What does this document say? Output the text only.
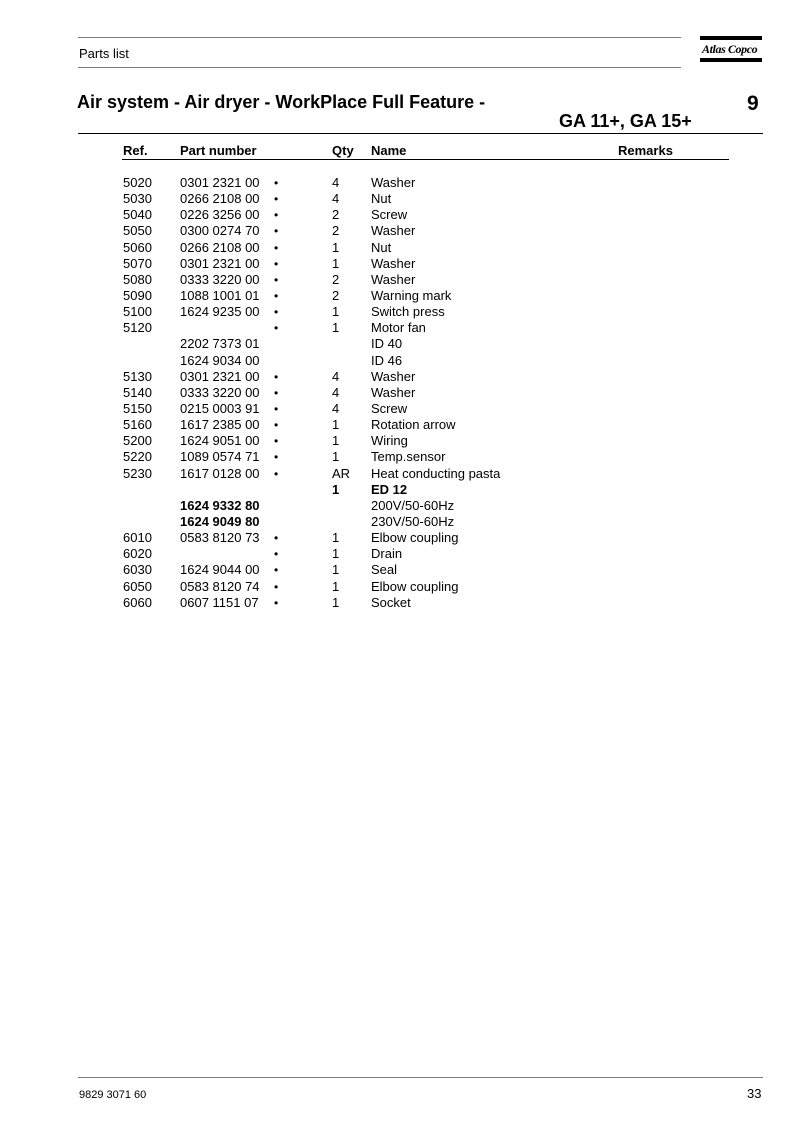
Parts list	Atlas Copco
Air system - Air dryer - WorkPlace Full Feature -
GA 11+, GA 15+
9
Ref. Part number	Qty Name	Remarks
5020 0301 2321 00 •	4 Washer
5030 0266 2108 00 •	4 Nut
5040 0226 3256 00 •	2 Screw
5050 0300 0274 70 •	2 Washer
5060 0266 2108 00 •	1 Nut
5070 0301 2321 00 •	1 Washer
5080 0333 3220 00 •	2 Washer
5090 1088 1001 01 •	2 Warning mark
5100 1624 9235 00 •	1 Switch press
5120	•	1 Motor fan
2202 7373 01	ID 40
1624 9034 00	ID 46
5130 0301 2321 00 •	4 Washer
5140 0333 3220 00 •	4 Washer
5150 0215 0003 91 •	4 Screw
5160 1617 2385 00 •	1 Rotation arrow
5200 1624 9051 00 •	1 Wiring
5220 1089 0574 71 •	1 Temp.sensor
5230 1617 0128 00 •	AR Heat conducting pasta
1 ED 12
1624 9332 80	200V/50-60Hz
1624 9049 80	230V/50-60Hz
6010 0583 8120 73 •	1 Elbow coupling
6020	•	1 Drain
6030 1624 9044 00 •	1 Seal
6050 0583 8120 74 •	1 Elbow coupling
6060 0607 1151 07 •	1 Socket
9829 3071 60	33
